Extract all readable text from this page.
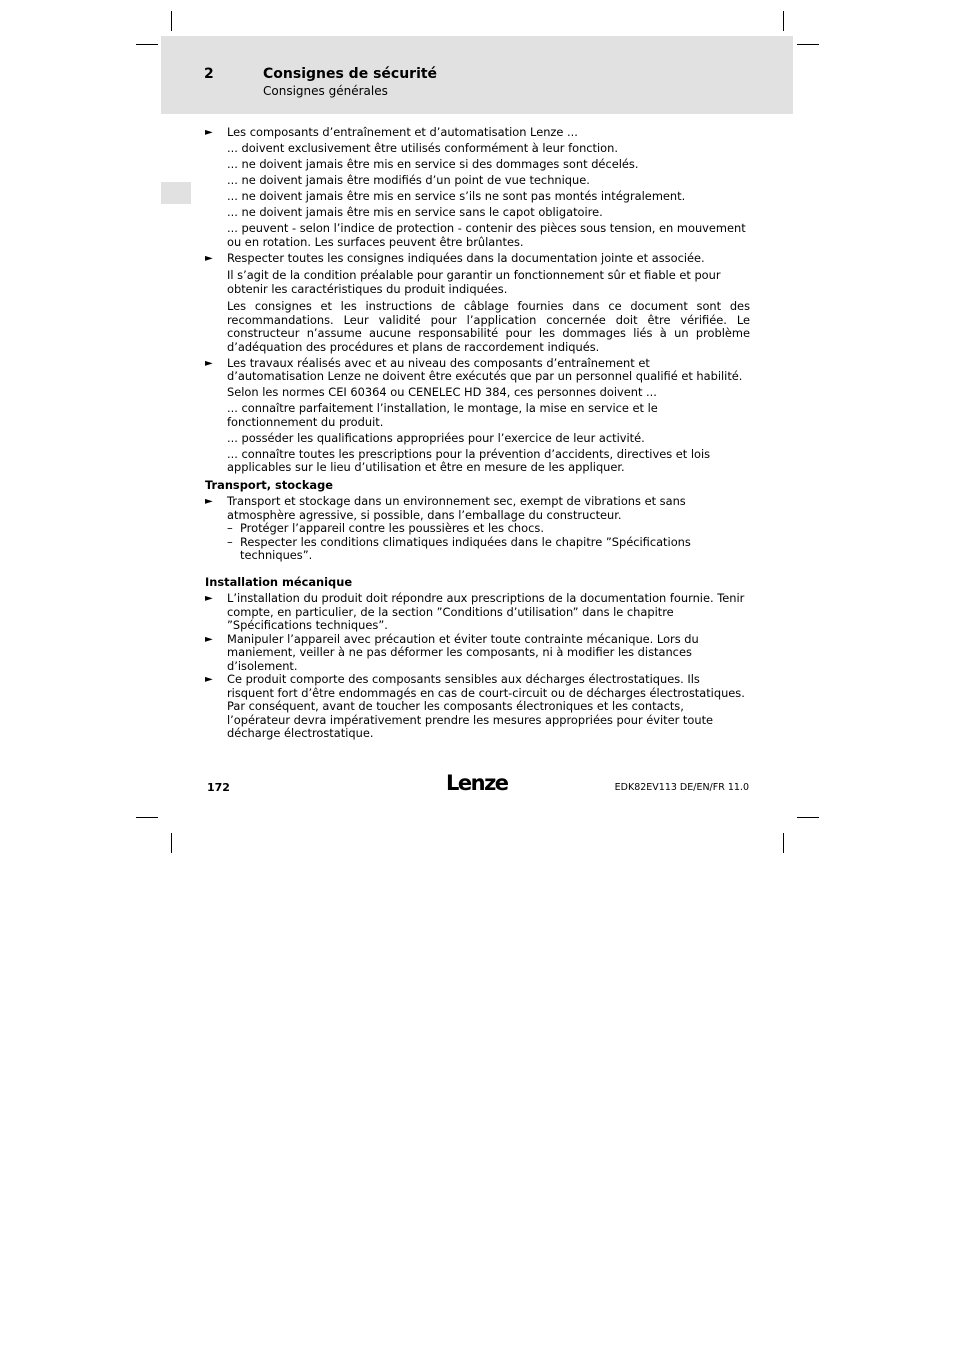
2	Consignes de sécurité
Consignes générales
► Les composants d’entraînement et d’automatisation Lenze ...
... doivent exclusivement être utilisés conformément à leur fonction.
... ne doivent jamais être mis en service si des dommages sont décelés.
... ne doivent jamais être modifiés d’un point de vue technique.
... ne doivent jamais être mis en service s’ils ne sont pas montés intégralement.
... ne doivent jamais être mis en service sans le capot obligatoire.
... peuvent - selon l’indice de protection - contenir des pièces sous tension, en mouvement ou en rotation. Les surfaces peuvent être brûlantes.
► Respecter toutes les consignes indiquées dans la documentation jointe et associée.
Il s’agit de la condition préalable pour garantir un fonctionnement sûr et fiable et pour obtenir les caractéristiques du produit indiquées.
Les consignes et les instructions de câblage fournies dans ce document sont des recommandations. Leur validité pour l’application concernée doit être vérifiée. Le constructeur n’assume aucune responsabilité pour les dommages liés à un problème d’adéquation des procédures et plans de raccordement indiqués.
► Les travaux réalisés avec et au niveau des composants d’entraînement et d’automatisation Lenze ne doivent être exécutés que par un personnel qualifié et habilité.
Selon les normes CEI 60364 ou CENELEC HD 384, ces personnes doivent ...
... connaître parfaitement l’installation, le montage, la mise en service et le fonctionnement du produit.
... posséder les qualifications appropriées pour l’exercice de leur activité.
... connaître toutes les prescriptions pour la prévention d’accidents, directives et lois applicables sur le lieu d’utilisation et être en mesure de les appliquer.
Transport, stockage
► Transport et stockage dans un environnement sec, exempt de vibrations et sans atmosphère agressive, si possible, dans l’emballage du constructeur.
– Protéger l’appareil contre les poussières et les chocs.
– Respecter les conditions climatiques indiquées dans le chapitre ”Spécifications techniques”.
Installation mécanique
► L’installation du produit doit répondre aux prescriptions de la documentation fournie. Tenir compte, en particulier, de la section ”Conditions d’utilisation” dans le chapitre ”Spécifications techniques”.
► Manipuler l’appareil avec précaution et éviter toute contrainte mécanique. Lors du maniement, veiller à ne pas déformer les composants, ni à modifier les distances d’isolement.
► Ce produit comporte des composants sensibles aux décharges électrostatiques. Ils risquent fort d’être endommagés en cas de court-circuit ou de décharges électrostatiques. Par conséquent, avant de toucher les composants électroniques et les contacts, l’opérateur devra impérativement prendre les mesures appropriées pour éviter toute décharge électrostatique.
172	Lenze	EDK82EV113 DE/EN/FR 11.0
